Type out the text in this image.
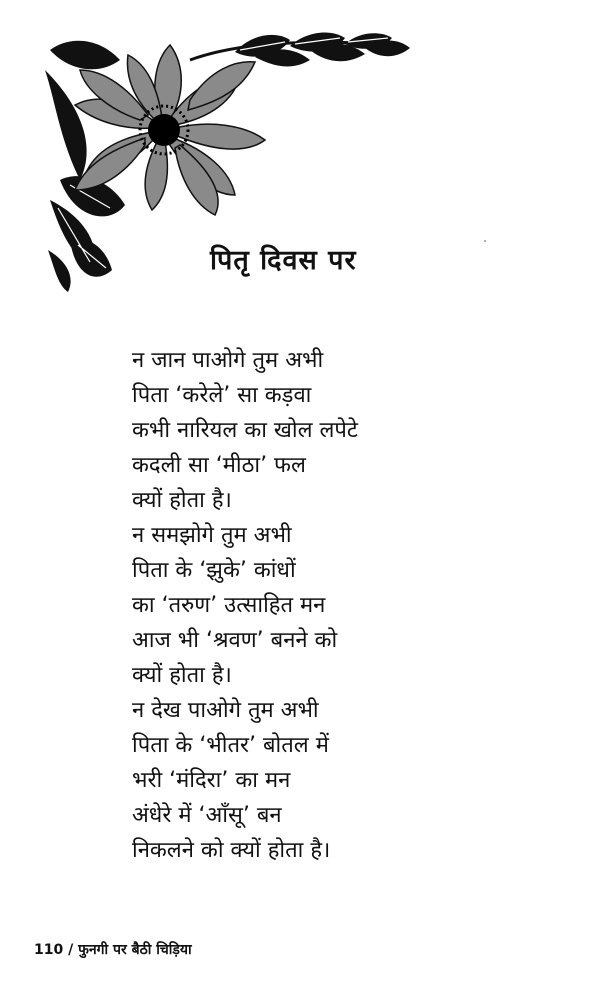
पितृ दिवस पर
न जान पाओगे तुम अभी
पिता ‘करेले’ सा कड़वा
कभी नारियल का खोल लपेटे
कदली सा ‘मीठा’ फल
क्यों होता है।
न समझोगे तुम अभी
पिता के ‘झुके’ कांधों
का ‘तरुण’ उत्साहित मन
आज भी ‘श्रवण’ बनने को
क्यों होता है।
न देख पाओगे तुम अभी
पिता के ‘भीतर’ बोतल में
भरी ‘मंदिरा’ का मन
अंधेरे में ‘आँसू’ बन
निकलने को क्यों होता है।
110 / फुनगी पर बैठी चिड़िया
